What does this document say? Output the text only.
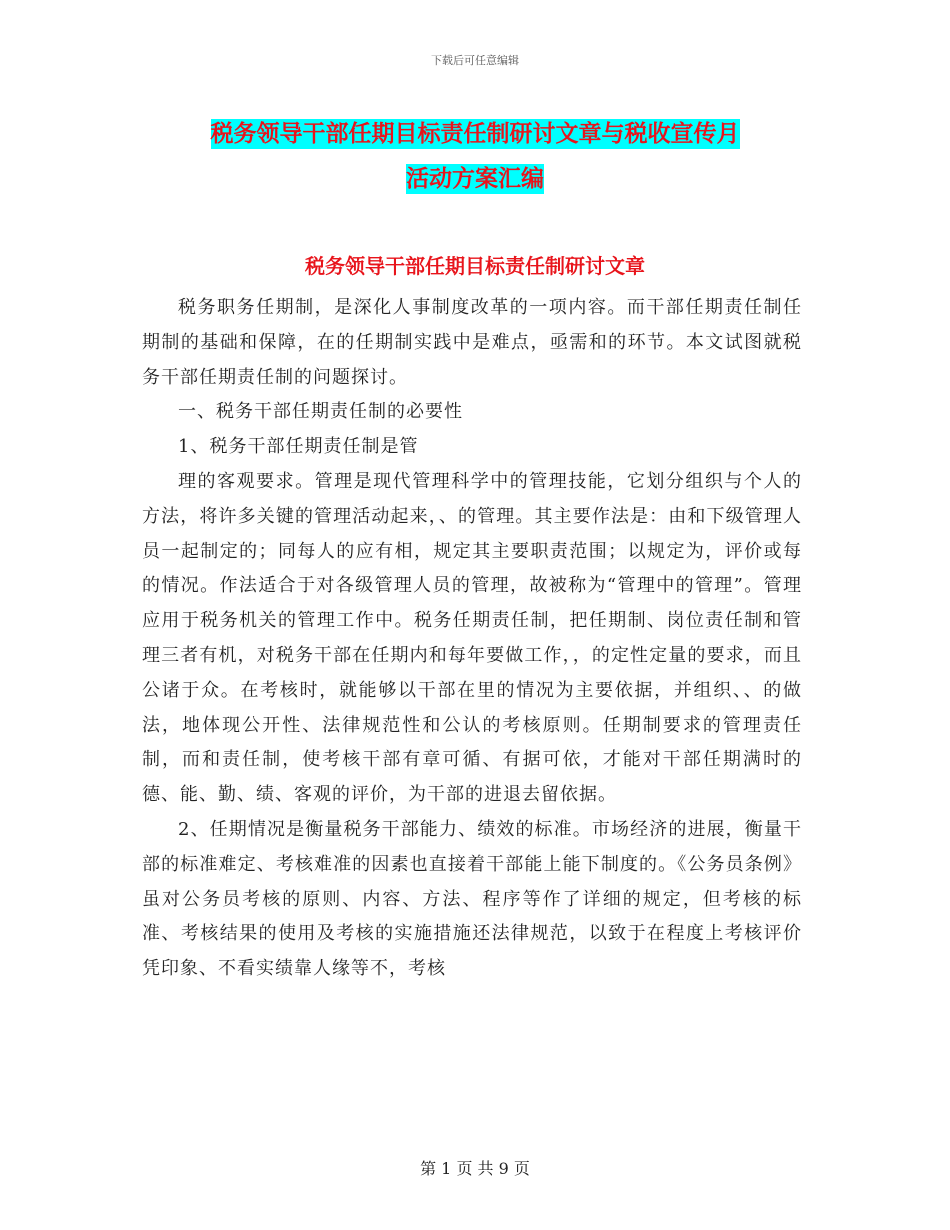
下载后可任意编辑
税务领导干部任期目标责任制研讨文章与税收宣传月
活动方案汇编
税务领导干部任期目标责任制研讨文章

税务职务任期制，是深化人事制度改革的一项内容。而干部任期责任制任期制的基础和保障，在的任期制实践中是难点，亟需和的环节。本文试图就税务干部任期责任制的问题探讨。

一、税务干部任期责任制的必要性

1、税务干部任期责任制是管

理的客观要求。管理是现代管理科学中的管理技能，它划分组织与个人的方法，将许多关键的管理活动起来，、的管理。其主要作法是：由和下级管理人员一起制定的；同每人的应有相，规定其主要职责范围；以规定为，评价或每的情况。作法适合于对各级管理人员的管理，故被称为“管理中的管理”。管理应用于税务机关的管理工作中。税务任期责任制，把任期制、岗位责任制和管理三者有机，对税务干部在任期内和每年要做工作，，的定性定量的要求，而且公诸于众。在考核时，就能够以干部在里的情况为主要依据，并组织、、的做法，地体现公开性、法律规范性和公认的考核原则。任期制要求的管理责任制，而和责任制，使考核干部有章可循、有据可依，才能对干部任期满时的德、能、勤、绩、客观的评价，为干部的进退去留依据。

2、任期情况是衡量税务干部能力、绩效的标准。市场经济的进展，衡量干部的标准难定、考核难准的因素也直接着干部能上能下制度的。《公务员条例》虽对公务员考核的原则、内容、方法、程序等作了详细的规定，但考核的标准、考核结果的使用及考核的实施措施还法律规范，以致于在程度上考核评价凭印象、不看实绩靠人缘等不，考核

第 1 页 共 9 页
